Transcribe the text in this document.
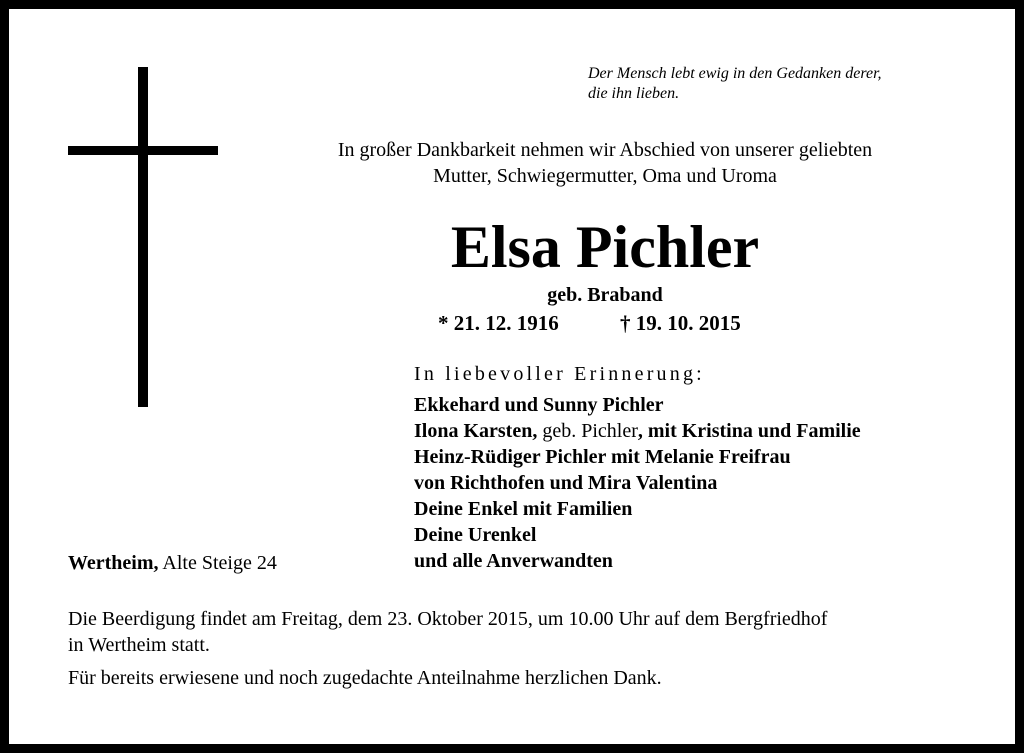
Der Mensch lebt ewig in den Gedanken derer,
die ihn lieben.
In großer Dankbarkeit nehmen wir Abschied von unserer geliebten
Mutter, Schwiegermutter, Oma und Uroma
Elsa Pichler
geb. Braband
* 21. 12. 1916	† 19. 10. 2015
In liebevoller Erinnerung:
Ekkehard und Sunny Pichler
Ilona Karsten, geb. Pichler, mit Kristina und Familie
Heinz-Rüdiger Pichler mit Melanie Freifrau
von Richthofen und Mira Valentina
Deine Enkel mit Familien
Deine Urenkel
und alle Anverwandten
Wertheim, Alte Steige 24
Die Beerdigung findet am Freitag, dem 23. Oktober 2015, um 10.00 Uhr auf dem Bergfriedhof
in Wertheim statt.
Für bereits erwiesene und noch zugedachte Anteilnahme herzlichen Dank.
